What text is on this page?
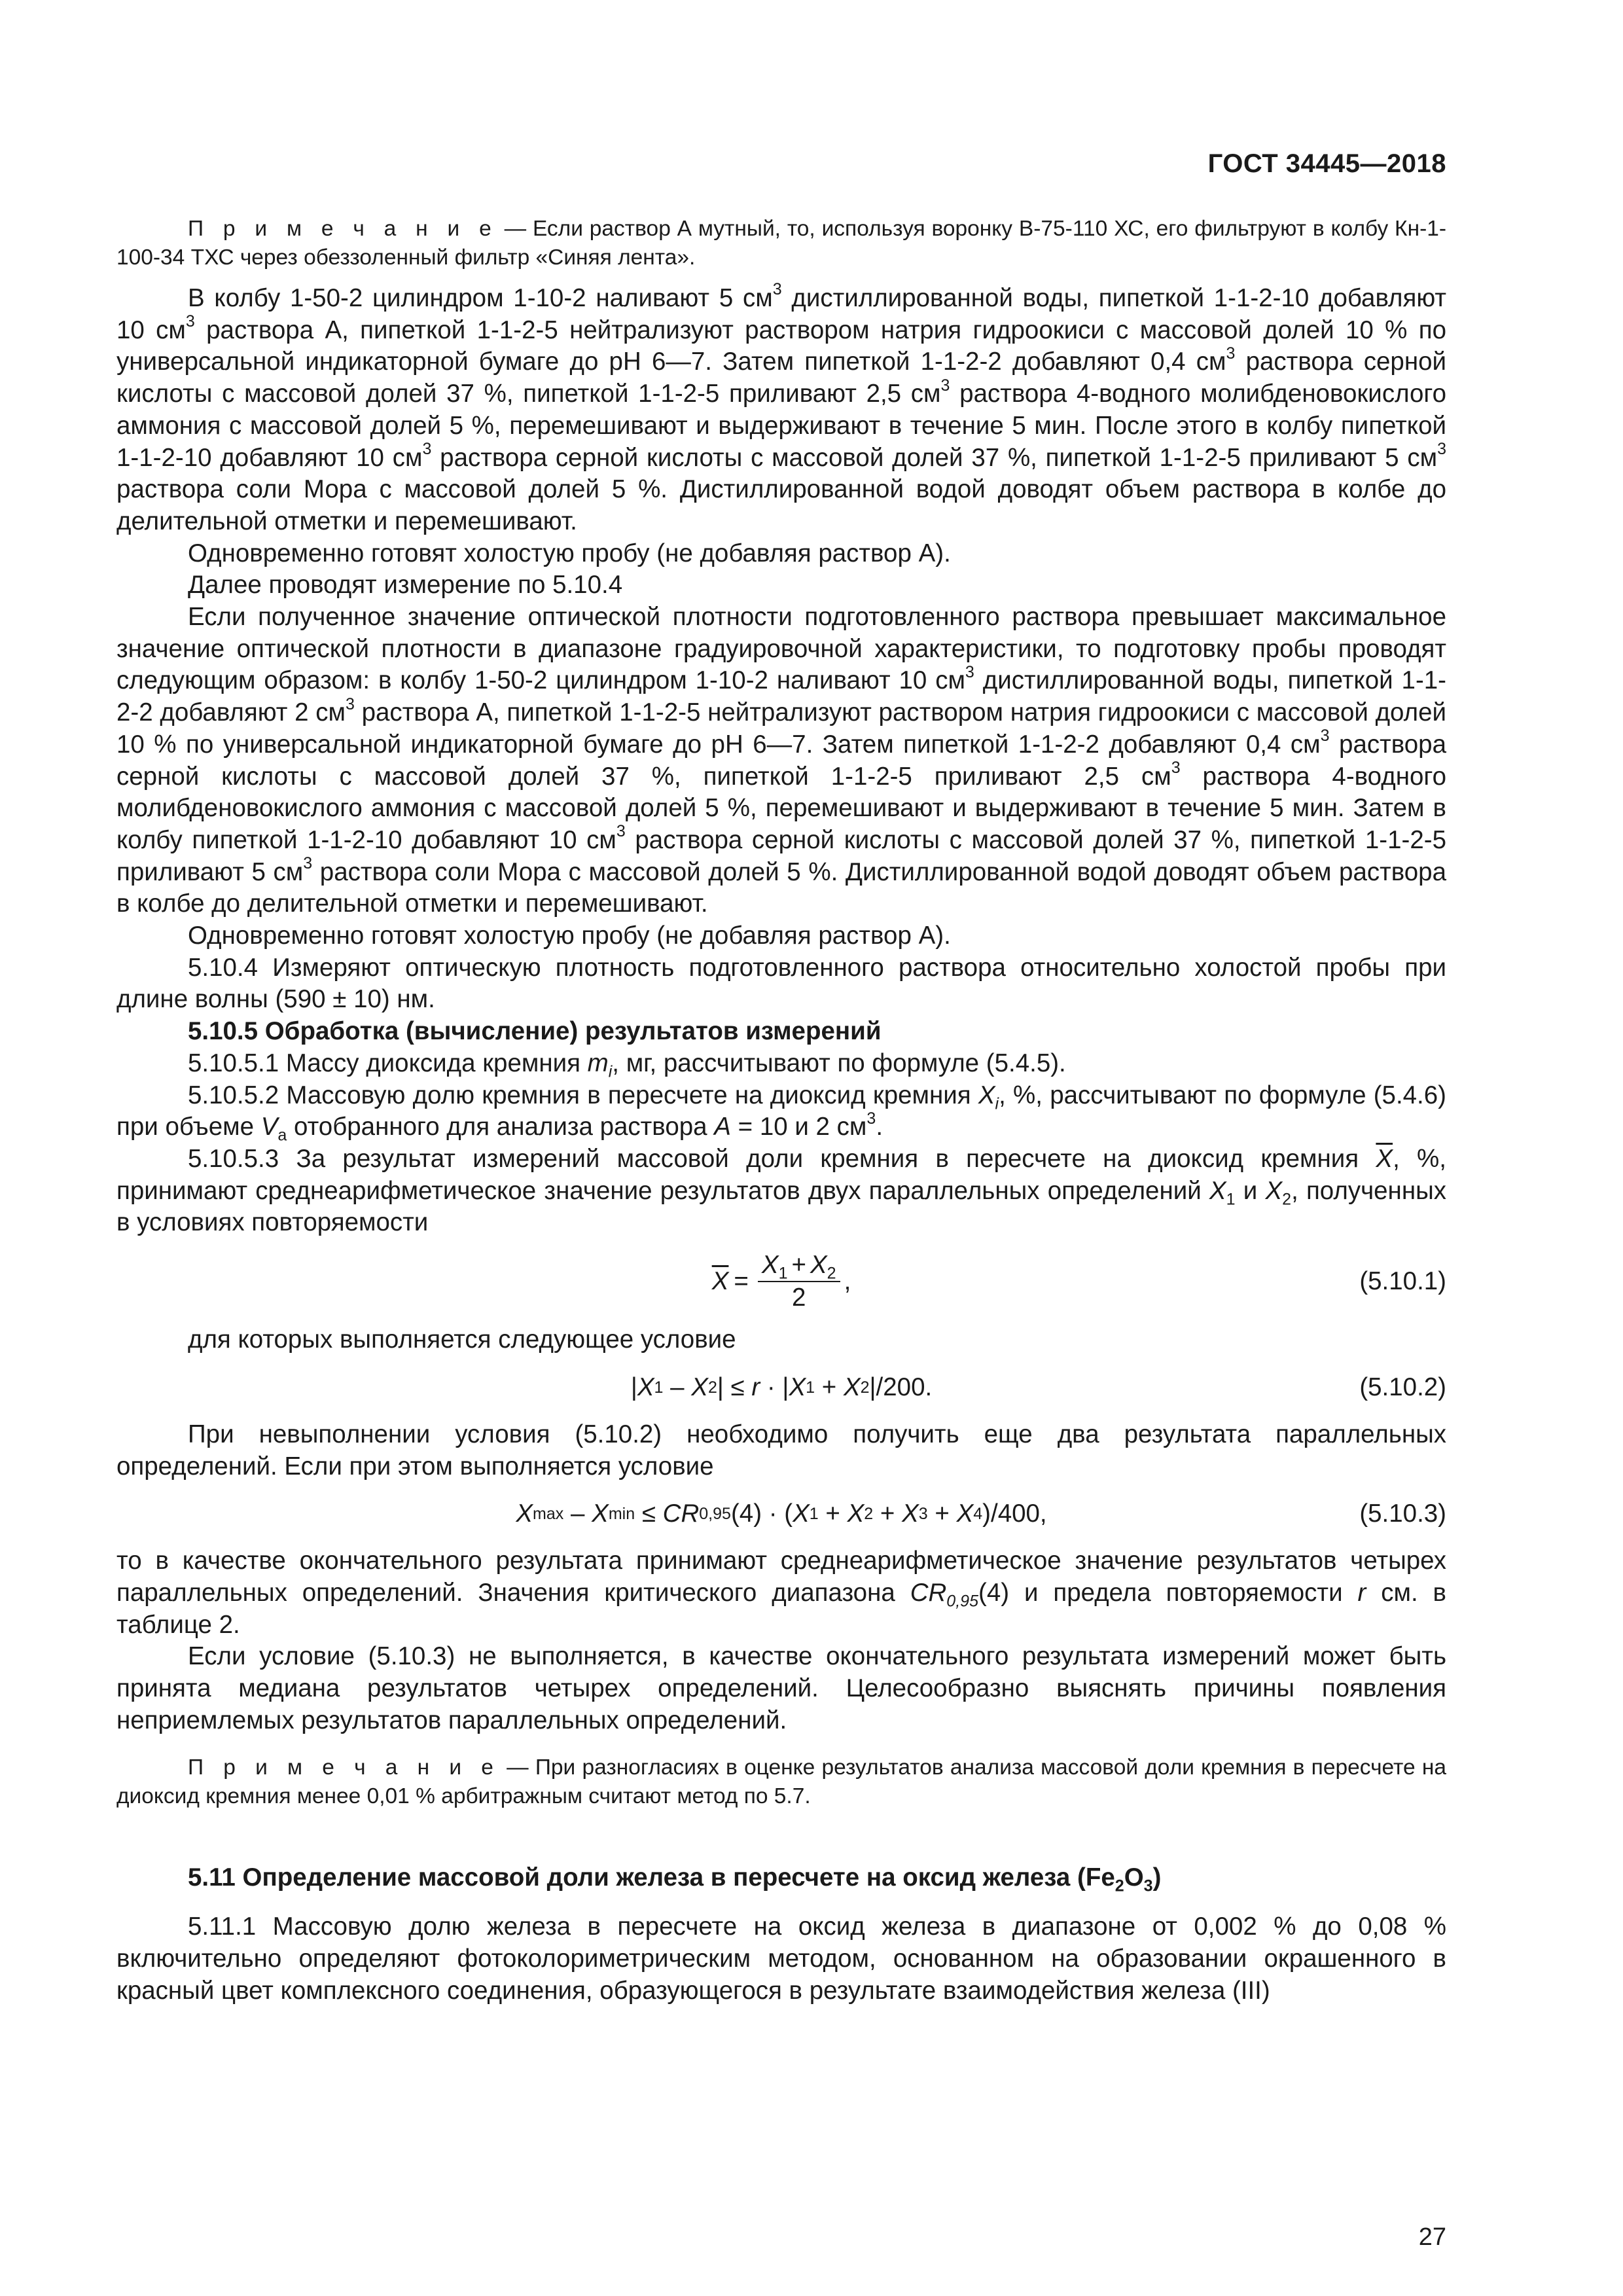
ГОСТ 34445—2018

П р и м е ч а н и е — Если раствор А мутный, то, используя воронку В-75-110 ХС, его фильтруют в колбу Кн-1-100-34 ТХС через обеззоленный фильтр «Синяя лента».

В колбу 1-50-2 цилиндром 1-10-2 наливают 5 $см^3$ дистиллированной воды, пипеткой 1-1-2-10 добавляют 10 $см^3$ раствора А, пипеткой 1-1-2-5 нейтрализуют раствором натрия гидроокиси с массовой долей 10 % по универсальной индикаторной бумаге до рН 6—7. Затем пипеткой 1-1-2-2 добавляют 0,4 $см^3$ раствора серной кислоты с массовой долей 37 %, пипеткой 1-1-2-5 приливают 2,5 $см^3$ раствора 4-водного молибденовокислого аммония с массовой долей 5 %, перемешивают и выдерживают в течение 5 мин. После этого в колбу пипеткой 1-1-2-10 добавляют 10 $см^3$ раствора серной кислоты с массовой долей 37 %, пипеткой 1-1-2-5 приливают 5 $см^3$ раствора соли Мора с массовой долей 5 %. Дистиллированной водой доводят объем раствора в колбе до делительной отметки и перемешивают.

Одновременно готовят холостую пробу (не добавляя раствор А).

Далее проводят измерение по 5.10.4

Если полученное значение оптической плотности подготовленного раствора превышает максимальное значение оптической плотности в диапазоне градуировочной характеристики, то подготовку пробы проводят следующим образом: в колбу 1-50-2 цилиндром 1-10-2 наливают 10 $см^3$ дистиллированной воды, пипеткой 1-1-2-2 добавляют 2 $см^3$ раствора А, пипеткой 1-1-2-5 нейтрализуют раствором натрия гидроокиси с массовой долей 10 % по универсальной индикаторной бумаге до рН 6—7. Затем пипеткой 1-1-2-2 добавляют 0,4 $см^3$ раствора серной кислоты с массовой долей 37 %, пипеткой 1-1-2-5 приливают 2,5 $см^3$ раствора 4-водного молибденовокислого аммония с массовой долей 5 %, перемешивают и выдерживают в течение 5 мин. Затем в колбу пипеткой 1-1-2-10 добавляют 10 $см^3$ раствора серной кислоты с массовой долей 37 %, пипеткой 1-1-2-5 приливают 5 $см^3$ раствора соли Мора с массовой долей 5 %. Дистиллированной водой доводят объем раствора в колбе до делительной отметки и перемешивают.

Одновременно готовят холостую пробу (не добавляя раствор А).

5.10.4 Измеряют оптическую плотность подготовленного раствора относительно холостой пробы при длине волны (590 ± 10) нм.

5.10.5 Обработка (вычисление) результатов измерений

5.10.5.1 Массу диоксида кремния $m_i$, мг, рассчитывают по формуле (5.4.5).

5.10.5.2 Массовую долю кремния в пересчете на диоксид кремния $X_i$, %, рассчитывают по формуле (5.4.6) при объеме $V_a$ отобранного для анализа раствора A = 10 и 2 $см^3$.

5.10.5.3 За результат измерений массовой доли кремния в пересчете на диоксид кремния $\overline{X}$, %, принимают среднеарифметическое значение результатов двух параллельных определений $X_1$ и $X_2$, полученных в условиях повторяемости

$\overline{X} = \frac{X_1 + X_2}{2}$ ,	(5.10.1)

для которых выполняется следующее условие

| X 1 – X 2 | ≤ r · | X 1 + X 2 |/200.	(5.10.2)

При невыполнении условия (5.10.2) необходимо получить еще два результата параллельных определений. Если при этом выполняется условие

X max – X min ≤ CR 0,95 (4) · ( X 1 + X 2 + X 3 + X 4 )/400,	(5.10.3)

то в качестве окончательного результата принимают среднеарифметическое значение результатов четырех параллельных определений. Значения критического диапазона $CR_{0,95}(4)$ и предела повторяемости r см. в таблице 2.

Если условие (5.10.3) не выполняется, в качестве окончательного результата измерений может быть принята медиана результатов четырех определений. Целесообразно выяснять причины появления неприемлемых результатов параллельных определений.

П р и м е ч а н и е — При разногласиях в оценке результатов анализа массовой доли кремния в пересчете на диоксид кремния менее 0,01 % арбитражным считают метод по 5.7.

5.11 Определение массовой доли железа в пересчете на оксид железа $(Fe_2O_3)$

5.11.1 Массовую долю железа в пересчете на оксид железа в диапазоне от 0,002 % до 0,08 % включительно определяют фотоколориметрическим методом, основанном на образовании окрашенного в красный цвет комплексного соединения, образующегося в результате взаимодействия железа (III)

27
